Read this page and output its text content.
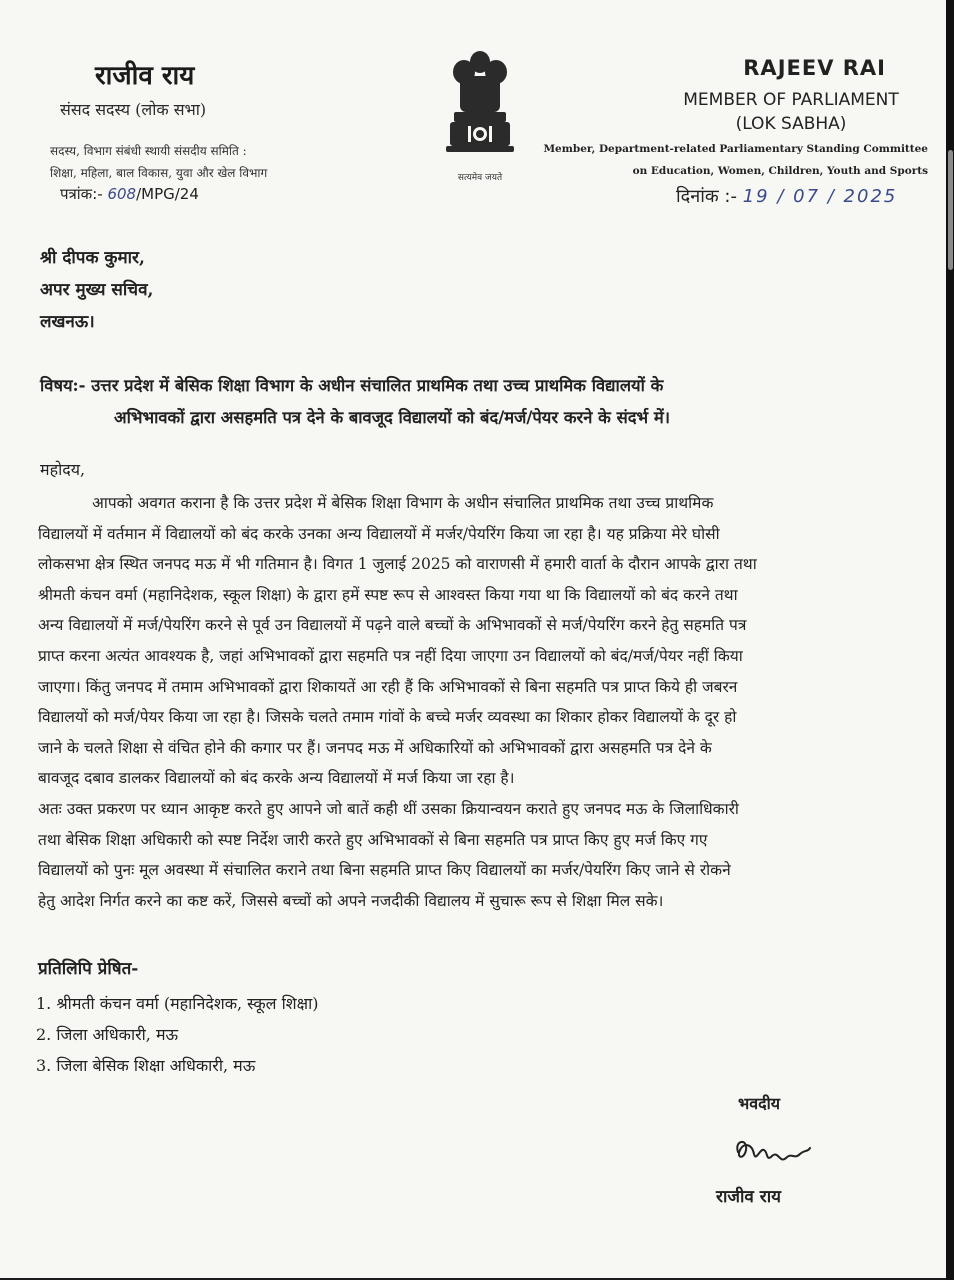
राजीव राय
संसद सदस्य (लोक सभा)
सदस्य, विभाग संबंधी स्थायी संसदीय समिति :
शिक्षा, महिला, बाल विकास, युवा और खेल विभाग
पत्रांक:- 608/MPG/24
सत्यमेव जयते
RAJEEV RAI
MEMBER OF PARLIAMENT
(LOK SABHA)
Member, Department-related Parliamentary Standing Committee
on Education, Women, Children, Youth and Sports
दिनांक :- 19 / 07 / 2025
श्री दीपक कुमार,
अपर मुख्य सचिव,
लखनऊ।
विषय:- उत्तर प्रदेश में बेसिक शिक्षा विभाग के अधीन संचालित प्राथमिक तथा उच्च प्राथमिक विद्यालयों के
अभिभावकों द्वारा असहमति पत्र देने के बावजूद विद्यालयों को बंद/मर्ज/पेयर करने के संदर्भ में।
महोदय,
आपको अवगत कराना है कि उत्तर प्रदेश में बेसिक शिक्षा विभाग के अधीन संचालित प्राथमिक तथा उच्च प्राथमिक
विद्यालयों में वर्तमान में विद्यालयों को बंद करके उनका अन्य विद्यालयों में मर्जर/पेयरिंग किया जा रहा है। यह प्रक्रिया मेरे घोसी
लोकसभा क्षेत्र स्थित जनपद मऊ में भी गतिमान है। विगत 1 जुलाई 2025 को वाराणसी में हमारी वार्ता के दौरान आपके द्वारा तथा
श्रीमती कंचन वर्मा (महानिदेशक, स्कूल शिक्षा) के द्वारा हमें स्पष्ट रूप से आश्वस्त किया गया था कि विद्यालयों को बंद करने तथा
अन्य विद्यालयों में मर्ज/पेयरिंग करने से पूर्व उन विद्यालयों में पढ़ने वाले बच्चों के अभिभावकों से मर्ज/पेयरिंग करने हेतु सहमति पत्र
प्राप्त करना अत्यंत आवश्यक है, जहां अभिभावकों द्वारा सहमति पत्र नहीं दिया जाएगा उन विद्यालयों को बंद/मर्ज/पेयर नहीं किया
जाएगा। किंतु जनपद में तमाम अभिभावकों द्वारा शिकायतें आ रही हैं कि अभिभावकों से बिना सहमति पत्र प्राप्त किये ही जबरन
विद्यालयों को मर्ज/पेयर किया जा रहा है। जिसके चलते तमाम गांवों के बच्चे मर्जर व्यवस्था का शिकार होकर विद्यालयों के दूर हो
जाने के चलते शिक्षा से वंचित होने की कगार पर हैं। जनपद मऊ में अधिकारियों को अभिभावकों द्वारा असहमति पत्र देने के
बावजूद दबाव डालकर विद्यालयों को बंद करके अन्य विद्यालयों में मर्ज किया जा रहा है।
अतः उक्त प्रकरण पर ध्यान आकृष्ट करते हुए आपने जो बातें कही थीं उसका क्रियान्वयन कराते हुए जनपद मऊ के जिलाधिकारी
तथा बेसिक शिक्षा अधिकारी को स्पष्ट निर्देश जारी करते हुए अभिभावकों से बिना सहमति पत्र प्राप्त किए हुए मर्ज किए गए
विद्यालयों को पुनः मूल अवस्था में संचालित कराने तथा बिना सहमति प्राप्त किए विद्यालयों का मर्जर/पेयरिंग किए जाने से रोकने
हेतु आदेश निर्गत करने का कष्ट करें, जिससे बच्चों को अपने नजदीकी विद्यालय में सुचारू रूप से शिक्षा मिल सके।
प्रतिलिपि प्रेषित-
1. श्रीमती कंचन वर्मा (महानिदेशक, स्कूल शिक्षा)
2. जिला अधिकारी, मऊ
3. जिला बेसिक शिक्षा अधिकारी, मऊ
भवदीय
राजीव राय
